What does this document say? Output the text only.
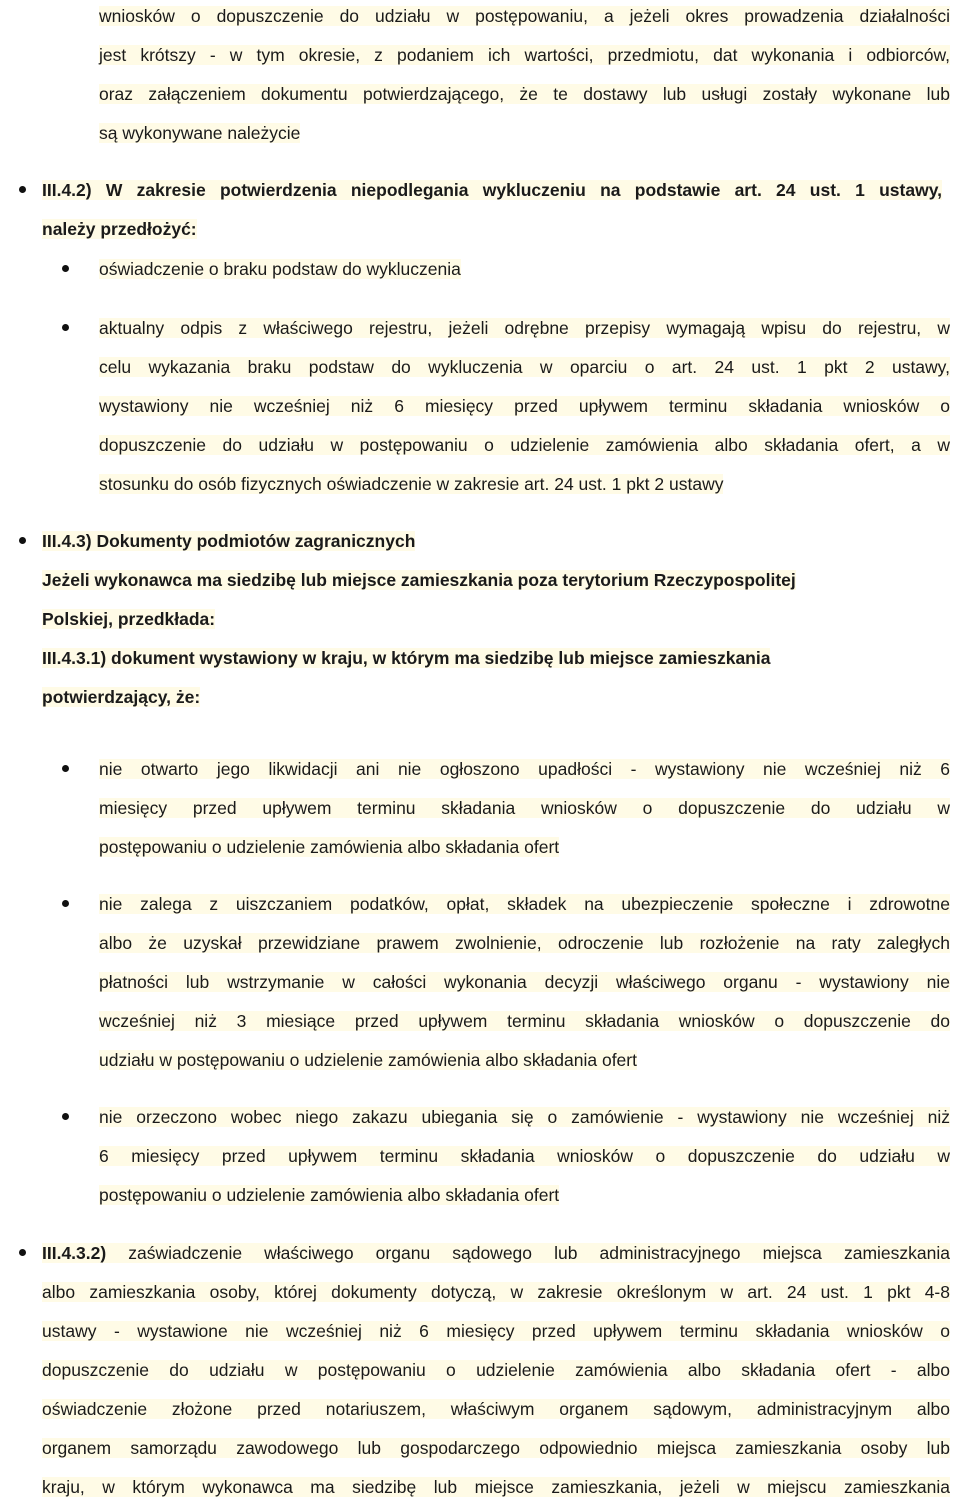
wniosków o dopuszczenie do udziału w postępowaniu, a jeżeli okres prowadzenia działalności
jest krótszy - w tym okresie, z podaniem ich wartości, przedmiotu, dat wykonania i odbiorców,
oraz załączeniem dokumentu potwierdzającego, że te dostawy lub usługi zostały wykonane lub
są wykonywane należycie
III.4.2) W zakresie potwierdzenia niepodlegania wykluczeniu na podstawie art. 24 ust. 1 ustawy,
należy przedłożyć:
oświadczenie o braku podstaw do wykluczenia
aktualny odpis z właściwego rejestru, jeżeli odrębne przepisy wymagają wpisu do rejestru, w
celu wykazania braku podstaw do wykluczenia w oparciu o art. 24 ust. 1 pkt 2 ustawy,
wystawiony nie wcześniej niż 6 miesięcy przed upływem terminu składania wniosków o
dopuszczenie do udziału w postępowaniu o udzielenie zamówienia albo składania ofert, a w
stosunku do osób fizycznych oświadczenie w zakresie art. 24 ust. 1 pkt 2 ustawy
III.4.3) Dokumenty podmiotów zagranicznych
Jeżeli wykonawca ma siedzibę lub miejsce zamieszkania poza terytorium Rzeczypospolitej
Polskiej, przedkłada:
III.4.3.1) dokument wystawiony w kraju, w którym ma siedzibę lub miejsce zamieszkania
potwierdzający, że:
nie otwarto jego likwidacji ani nie ogłoszono upadłości - wystawiony nie wcześniej niż 6
miesięcy przed upływem terminu składania wniosków o dopuszczenie do udziału w
postępowaniu o udzielenie zamówienia albo składania ofert
nie zalega z uiszczaniem podatków, opłat, składek na ubezpieczenie społeczne i zdrowotne
albo że uzyskał przewidziane prawem zwolnienie, odroczenie lub rozłożenie na raty zaległych
płatności lub wstrzymanie w całości wykonania decyzji właściwego organu - wystawiony nie
wcześniej niż 3 miesiące przed upływem terminu składania wniosków o dopuszczenie do
udziału w postępowaniu o udzielenie zamówienia albo składania ofert
nie orzeczono wobec niego zakazu ubiegania się o zamówienie - wystawiony nie wcześniej niż
6 miesięcy przed upływem terminu składania wniosków o dopuszczenie do udziału w
postępowaniu o udzielenie zamówienia albo składania ofert
III.4.3.2) zaświadczenie właściwego organu sądowego lub administracyjnego miejsca zamieszkania
albo zamieszkania osoby, której dokumenty dotyczą, w zakresie określonym w art. 24 ust. 1 pkt 4-8
ustawy - wystawione nie wcześniej niż 6 miesięcy przed upływem terminu składania wniosków o
dopuszczenie do udziału w postępowaniu o udzielenie zamówienia albo składania ofert - albo
oświadczenie złożone przed notariuszem, właściwym organem sądowym, administracyjnym albo
organem samorządu zawodowego lub gospodarczego odpowiednio miejsca zamieszkania osoby lub
kraju, w którym wykonawca ma siedzibę lub miejsce zamieszkania, jeżeli w miejscu zamieszkania
